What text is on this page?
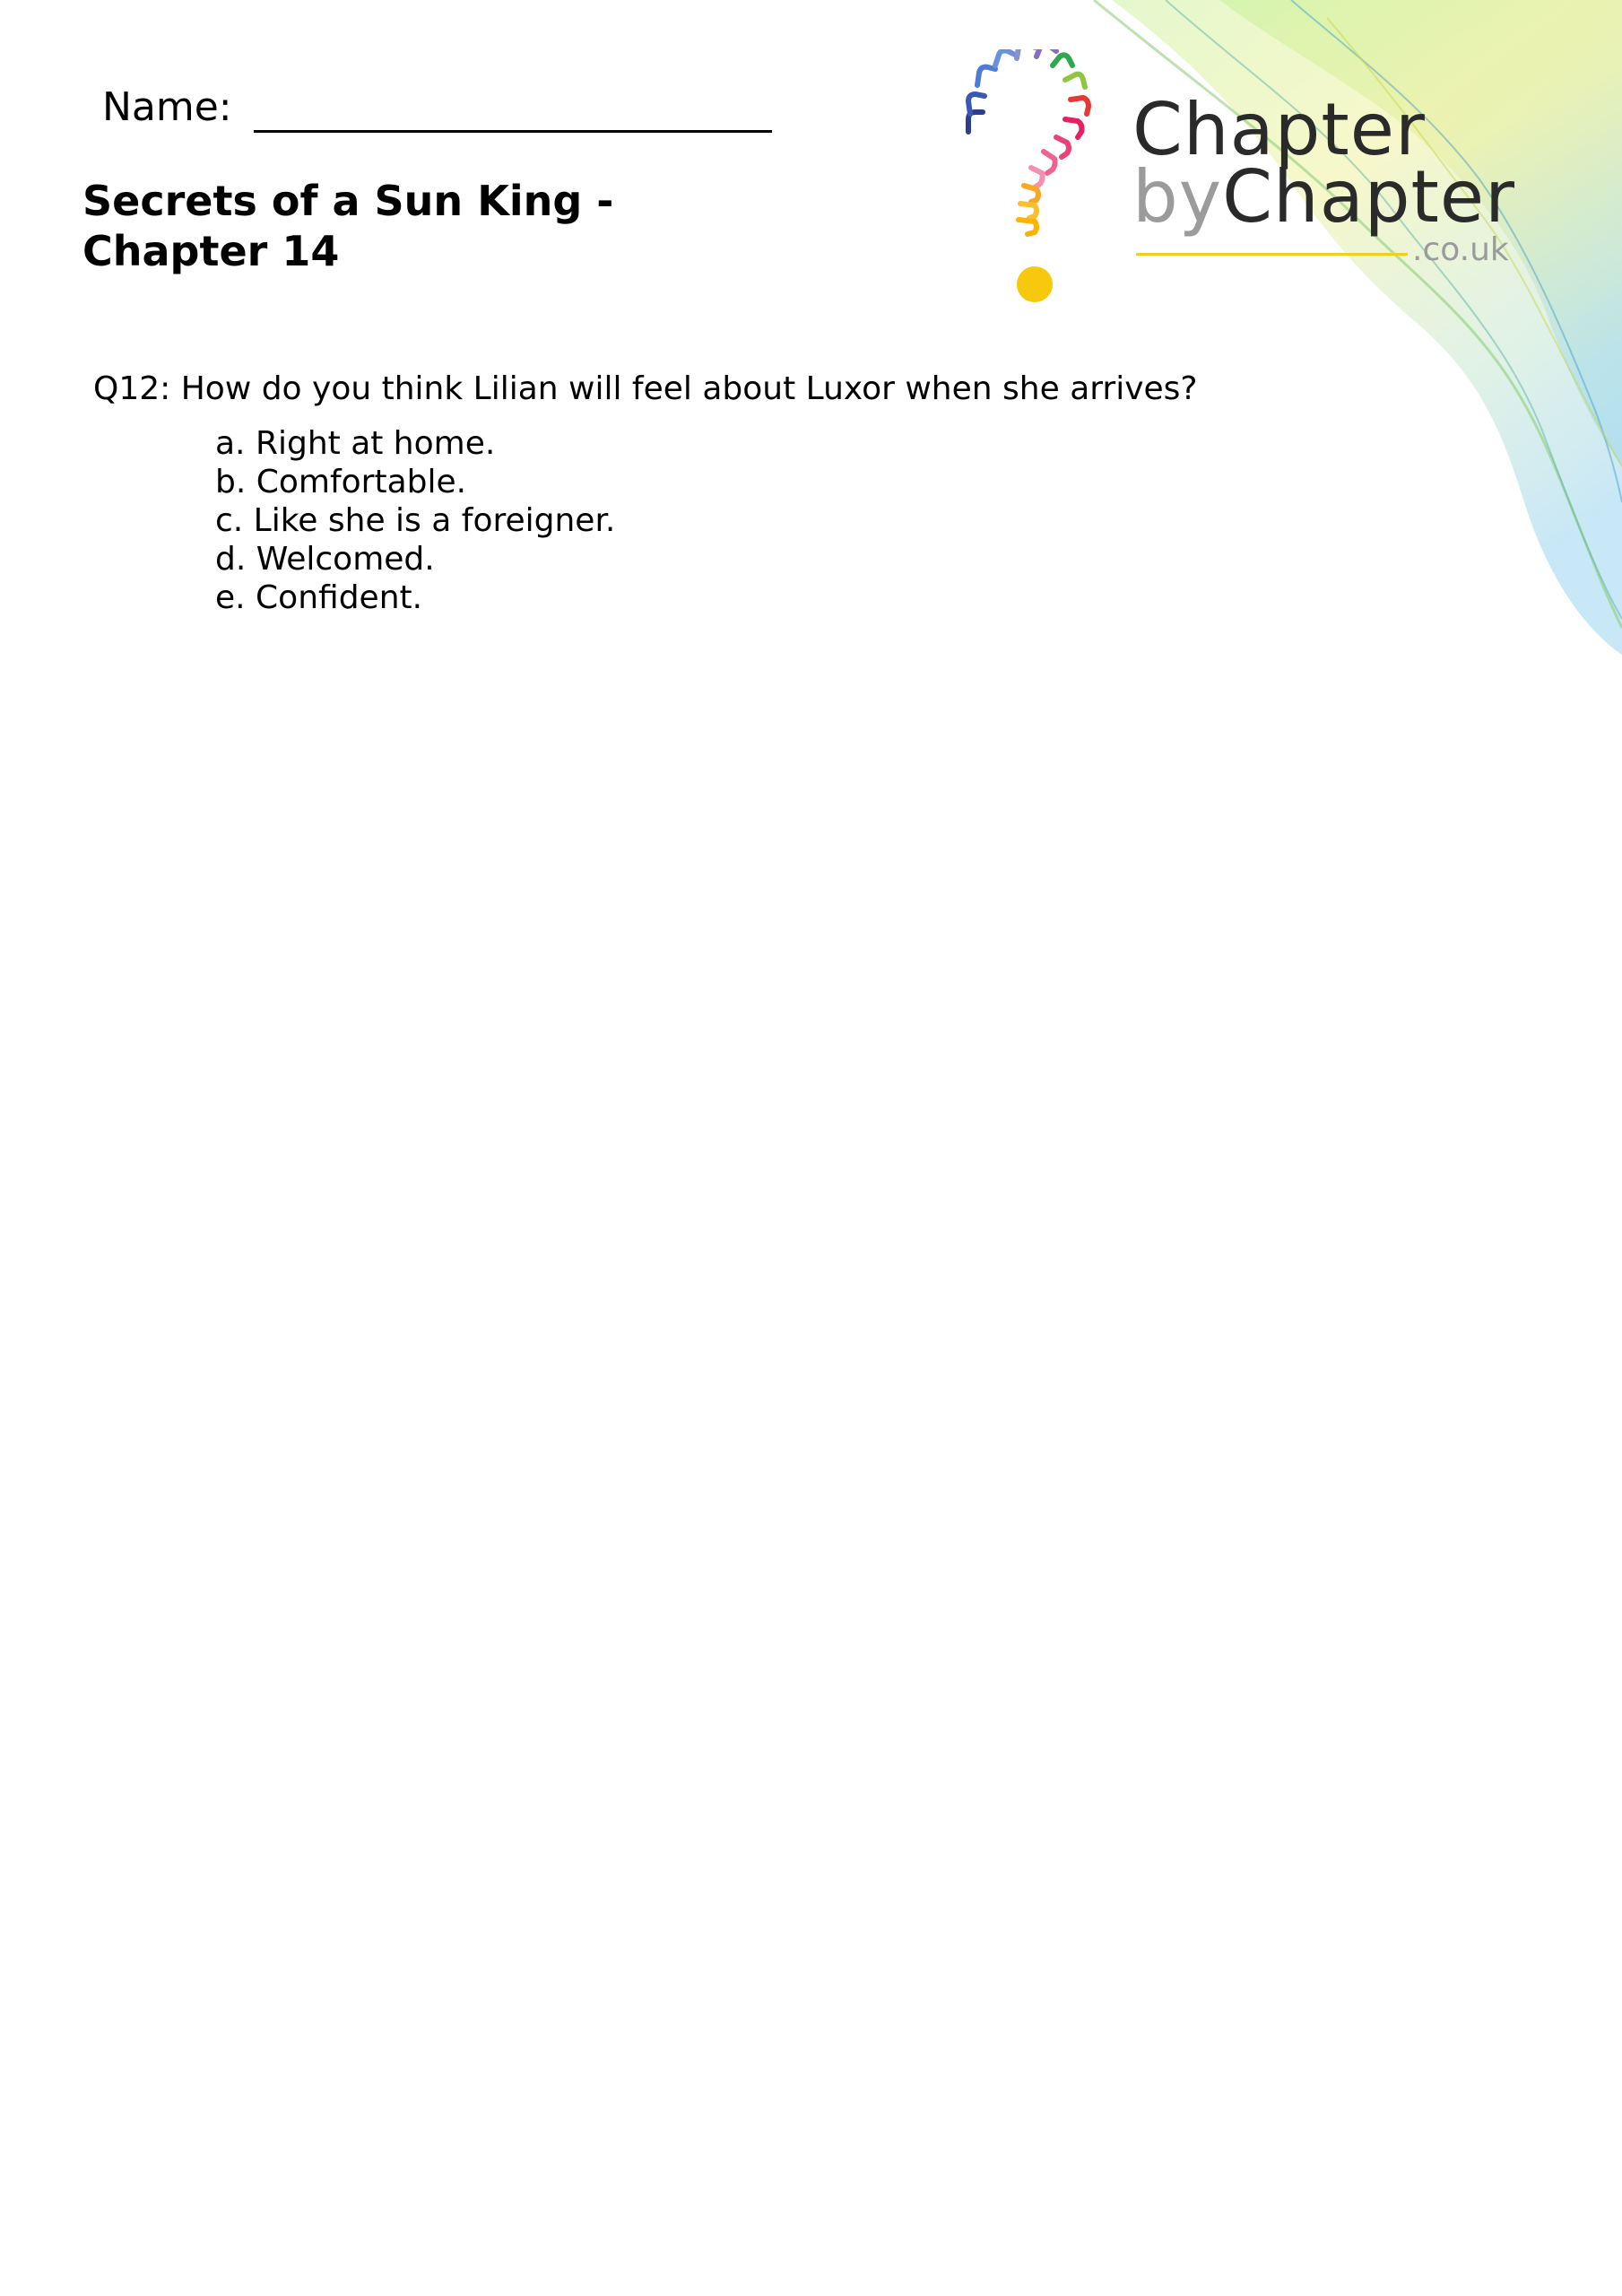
Name:
Secrets of a Sun King - Chapter 14
Chapter
byChapter
.co.uk

Q12: How do you think Lilian will feel about Luxor when she arrives?

a. Right at home.
b. Comfortable.
c. Like she is a foreigner.
d. Welcomed.
e. Confident.
